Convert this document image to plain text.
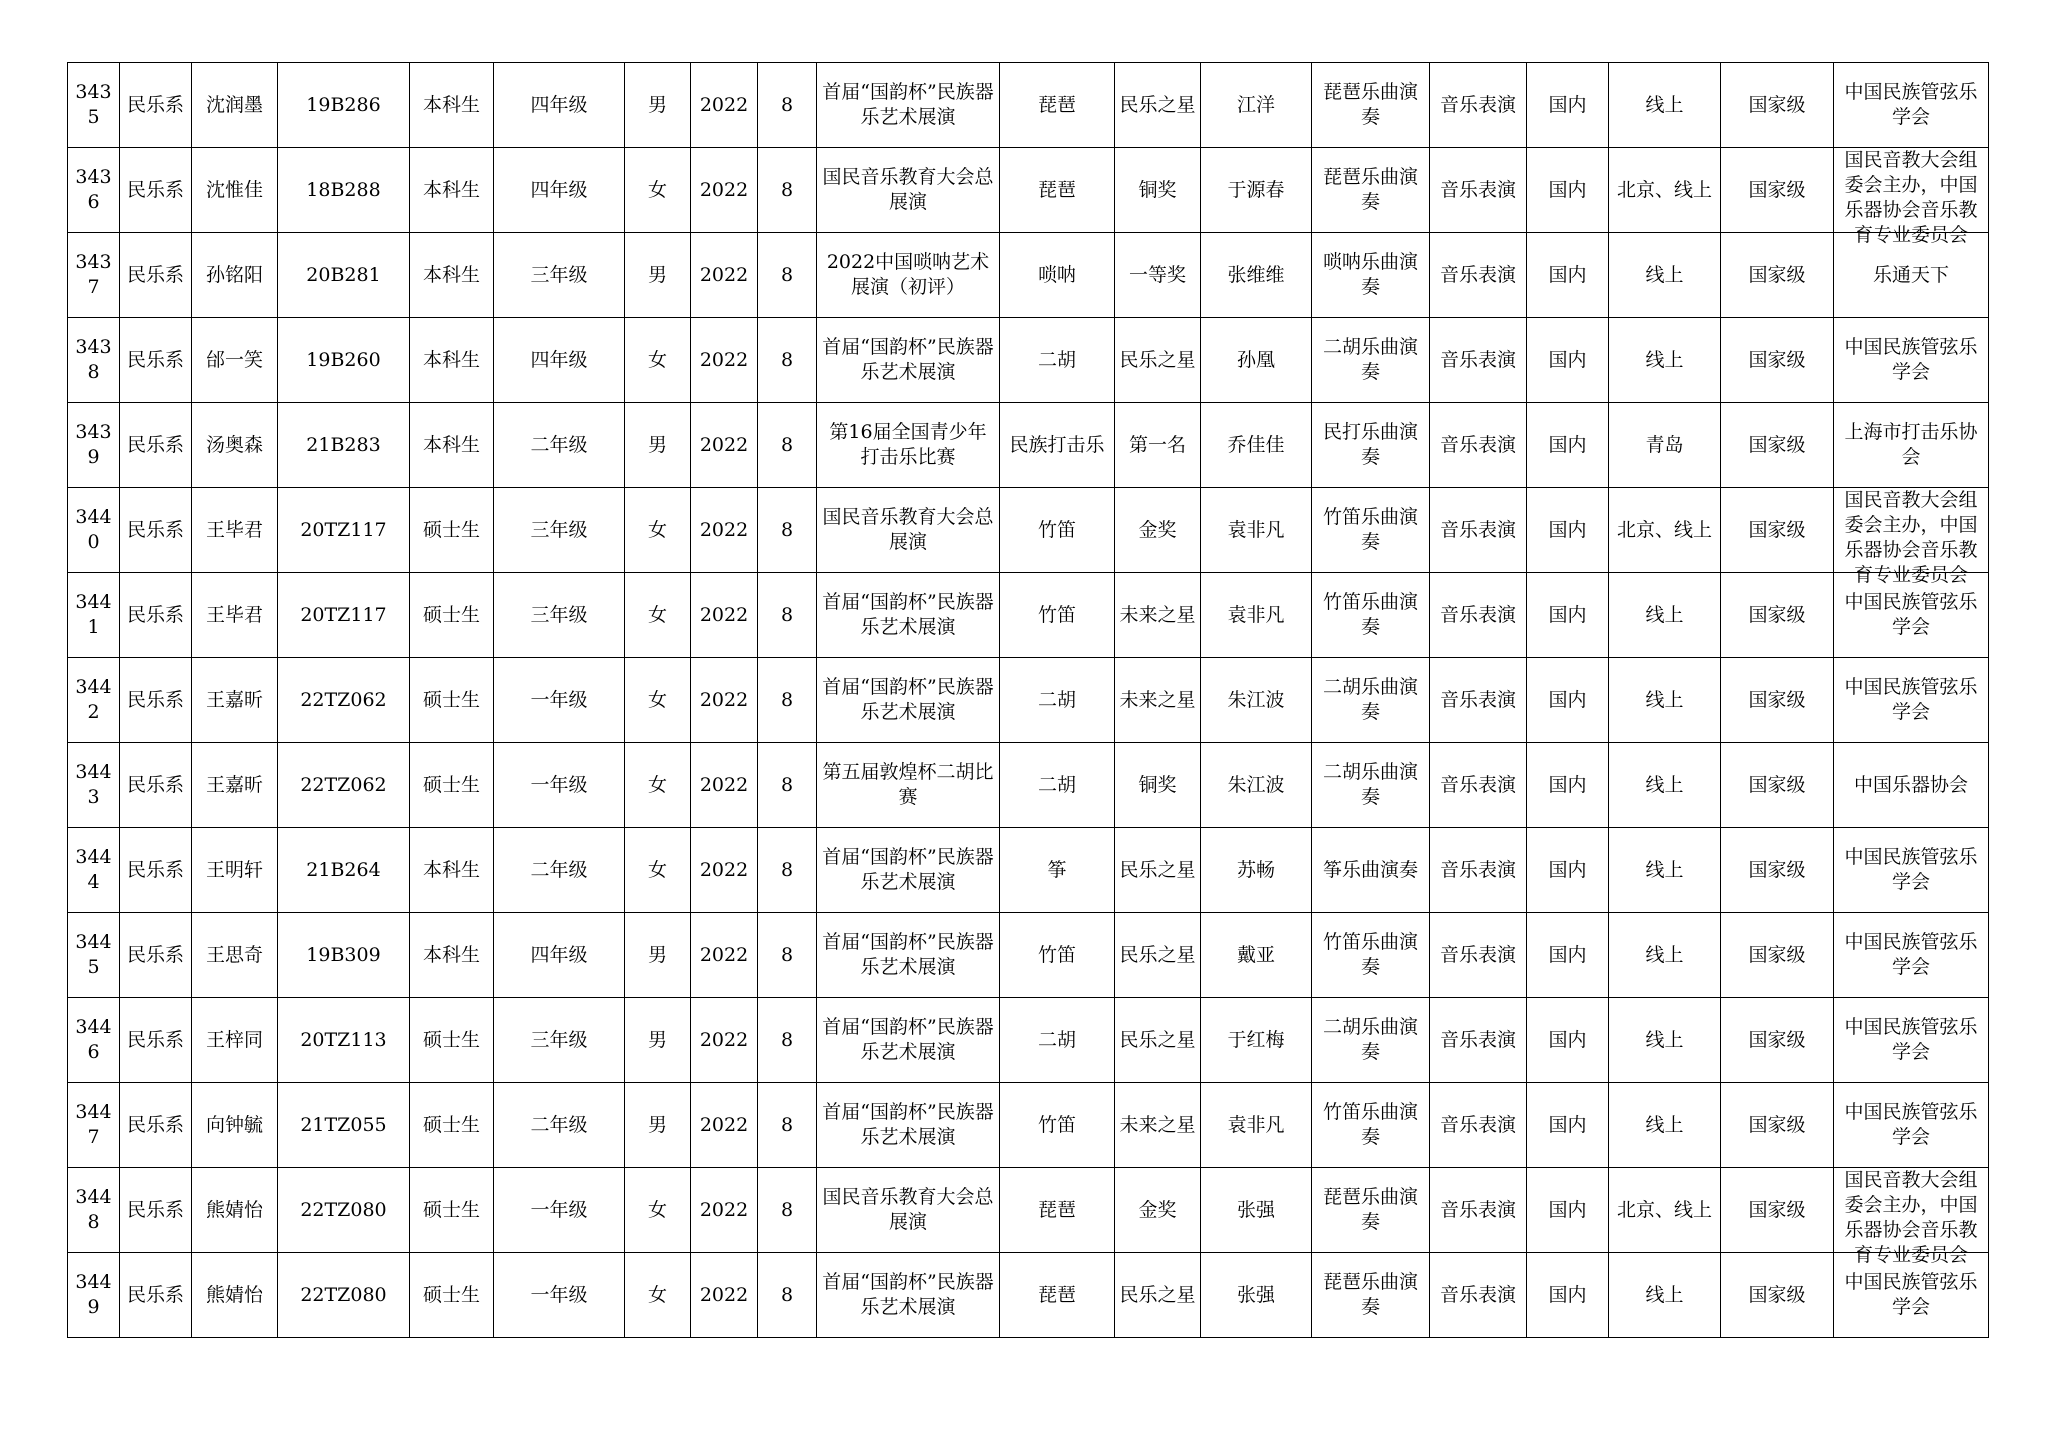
3435	民乐系	沈润墨	19B286	本科生	四年级	男	2022	8	首届“国韵杯”民族器乐艺术展演	琵琶	民乐之星	江洋	琵琶乐曲演奏	音乐表演	国内	线上	国家级	中国民族管弦乐学会

3436	民乐系	沈惟佳	18B288	本科生	四年级	女	2022	8	国民音乐教育大会总展演	琵琶	铜奖	于源春	琵琶乐曲演奏	音乐表演	国内	北京、线上	国家级	国民音教大会组委会主办，中国乐器协会音乐教育专业委员会

3437	民乐系	孙铭阳	20B281	本科生	三年级	男	2022	8	2022中国唢呐艺术展演（初评）	唢呐	一等奖	张维维	唢呐乐曲演奏	音乐表演	国内	线上	国家级	乐通天下

3438	民乐系	邰一笑	19B260	本科生	四年级	女	2022	8	首届“国韵杯”民族器乐艺术展演	二胡	民乐之星	孙凰	二胡乐曲演奏	音乐表演	国内	线上	国家级	中国民族管弦乐学会

3439	民乐系	汤奥森	21B283	本科生	二年级	男	2022	8	第16届全国青少年打击乐比赛	民族打击乐	第一名	乔佳佳	民打乐曲演奏	音乐表演	国内	青岛	国家级	上海市打击乐协会

3440	民乐系	王毕君	20TZ117	硕士生	三年级	女	2022	8	国民音乐教育大会总展演	竹笛	金奖	袁非凡	竹笛乐曲演奏	音乐表演	国内	北京、线上	国家级	国民音教大会组委会主办，中国乐器协会音乐教育专业委员会

3441	民乐系	王毕君	20TZ117	硕士生	三年级	女	2022	8	首届“国韵杯”民族器乐艺术展演	竹笛	未来之星	袁非凡	竹笛乐曲演奏	音乐表演	国内	线上	国家级	中国民族管弦乐学会

3442	民乐系	王嘉昕	22TZ062	硕士生	一年级	女	2022	8	首届“国韵杯”民族器乐艺术展演	二胡	未来之星	朱江波	二胡乐曲演奏	音乐表演	国内	线上	国家级	中国民族管弦乐学会

3443	民乐系	王嘉昕	22TZ062	硕士生	一年级	女	2022	8	第五届敦煌杯二胡比赛	二胡	铜奖	朱江波	二胡乐曲演奏	音乐表演	国内	线上	国家级	中国乐器协会

3444	民乐系	王明轩	21B264	本科生	二年级	女	2022	8	首届“国韵杯”民族器乐艺术展演	筝	民乐之星	苏畅	筝乐曲演奏	音乐表演	国内	线上	国家级	中国民族管弦乐学会

3445	民乐系	王思奇	19B309	本科生	四年级	男	2022	8	首届“国韵杯”民族器乐艺术展演	竹笛	民乐之星	戴亚	竹笛乐曲演奏	音乐表演	国内	线上	国家级	中国民族管弦乐学会

3446	民乐系	王梓同	20TZ113	硕士生	三年级	男	2022	8	首届“国韵杯”民族器乐艺术展演	二胡	民乐之星	于红梅	二胡乐曲演奏	音乐表演	国内	线上	国家级	中国民族管弦乐学会

3447	民乐系	向钟毓	21TZ055	硕士生	二年级	男	2022	8	首届“国韵杯”民族器乐艺术展演	竹笛	未来之星	袁非凡	竹笛乐曲演奏	音乐表演	国内	线上	国家级	中国民族管弦乐学会

3448	民乐系	熊婧怡	22TZ080	硕士生	一年级	女	2022	8	国民音乐教育大会总展演	琵琶	金奖	张强	琵琶乐曲演奏	音乐表演	国内	北京、线上	国家级	国民音教大会组委会主办，中国乐器协会音乐教育专业委员会

3449	民乐系	熊婧怡	22TZ080	硕士生	一年级	女	2022	8	首届“国韵杯”民族器乐艺术展演	琵琶	民乐之星	张强	琵琶乐曲演奏	音乐表演	国内	线上	国家级	中国民族管弦乐学会
